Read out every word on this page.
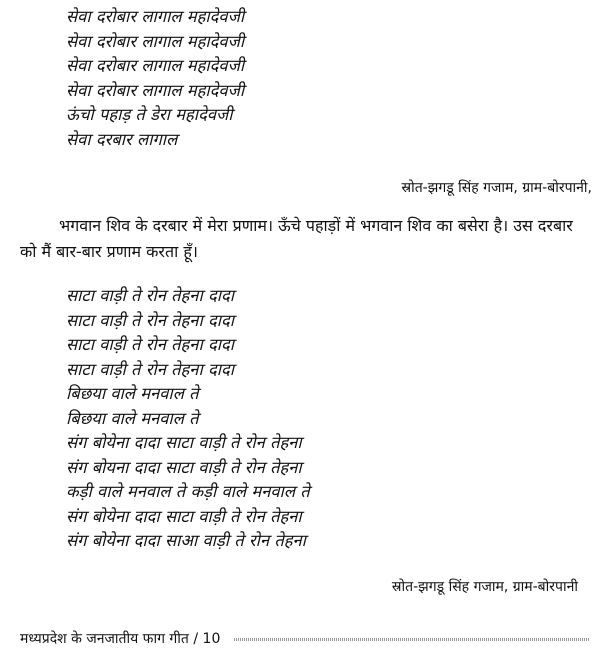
सेवा दरोबार लागाल महादेवजी
सेवा दरोबार लागाल महादेवजी
सेवा दरोबार लागाल महादेवजी
सेवा दरोबार लागाल महादेवजी
ऊंचो पहाड़ ते डेरा महादेवजी
सेवा दरबार लागाल
स्रोत-झगडू सिंह गजाम, ग्राम-बोरपानी,

भगवान शिव के दरबार में मेरा प्रणाम। ऊँचे पहाड़ों में भगवान शिव का बसेरा है। उस दरबार को मैं बार-बार प्रणाम करता हूँ।

साटा वाड़ी ते रोन तेहना दादा
साटा वाड़ी ते रोन तेहना दादा
साटा वाड़ी ते रोन तेहना दादा
साटा वाड़ी ते रोन तेहना दादा
बिछया वाले मनवाल ते
बिछया वाले मनवाल ते
संग बोयेना दादा साटा वाड़ी ते रोन तेहना
संग बोयना दादा साटा वाड़ी ते रोन तेहना
कड़ी वाले मनवाल ते कड़ी वाले मनवाल ते
संग बोयेना दादा साटा वाड़ी ते रोन तेहना
संग बोयेना दादा साआ वाड़ी ते रोन तेहना
स्रोत-झगडू सिंह गजाम, ग्राम-बोरपानी
मध्यप्रदेश के जनजातीय फाग गीत / 10
